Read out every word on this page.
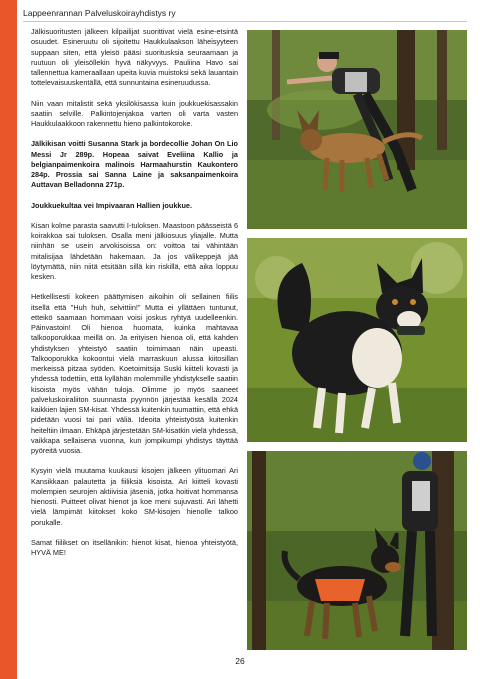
Lappeenrannan Palveluskoirayhdistys ry

Jälkisuoritusten jälkeen kilpailijat suorittivat vielä esine-etsintä osuudet. Esineruutu oli sijoitettu Haukkulaakson läheisyyteen suppaan siten, että yleisö pääsi suoritusksia seuraamaan ja ruutuun oli yleisöllekin hyvä näkyvyys. Pauliina Havo sai tallennettua kameraallaan upeita kuvia muistoksi sekä lauantain tottelevaisuuskentällä, että sunnuntaina esineruudussa.

Niin vaan mitalistit sekä yksilökisassa kuin joukkuekisassakin saatiin selville. Palkintojenjakoa varten oli varta vasten Haukkulaakkoon rakennettu hieno palkintokoroke.

Jälkikisan voitti Susanna Stark ja bordecollie Johan On Lio Messi Jr 289p. Hopeaa saivat Eveliina Kallio ja belgianpaimenkoira malinois Harmaahurstin Kaukontero 284p. Prossia sai Sanna Laine ja saksanpaimenkoira Auttavan Belladonna 271p.

Joukkuekultaa vei Impivaaran Hallien joukkue.

Kisan kolme parasta saavutti I-tuloksen. Maastoon päässeistä 6 koirakkoa sai tuloksen. Osalla meni jälkiosuus yliajalle. Mutta niinhän se usein arvokisoissa on: voittoa tai vähintään mitalisijaa lähdetään hakemaan. Ja jos välikeppejä jää löytymättä, niin niitä etsitään sillä kin riskillä, että aika loppuu kesken.

Hetkellisesti kokeen päättymisen aikoihin oli sellainen fiilis itsellä että "Huh huh, selvittiin!" Mutta ei yllättäen tuntunut, etteikö saamaan hommaan voisi joskus ryhtyä uudelleenkin. Päinvastoin! Oli hienoa huomata, kuinka mahtavaa talkooporukkaa meillä on. Ja erityisen hienoa oli, että kahden yhdistyksen yhteistyö saatiin toimimaan näin upeasti. Talkooporukka kokoontui vielä marraskuun alussa kiitosillan merkeissä pitzaa syöden. Koetoimitsija Suski kiitteli kovasti ja yhdessä todettiin, että kyllähän molemmille yhdistykselle saatiin kisoista myös vähän tuloja. Olimme jo myös saaneet palveluskoiraliiton suunnasta pyynnön järjestää kesällä 2024 kaikkien lajien SM-kisat. Yhdessä kuitenkin tuumattiin, että ehkä pidetään vuosi tai pari väliä. Ideoita yhteistyöstä kuitenkin heiteltiin ilmaan. Ehkäpä järjestetään SM-kisatkin vielä yhdessä, vaikkapa sellaisena vuonna, kun jompikumpi yhdistys täyttää pyöreitä vuosia.

Kysyin vielä muutama kuukausi kisojen jälkeen ylituomari Ari Kansikkaan palautetta ja fiiliksiä kisoista. Ari kiitteli kovasti molempien seurojen aktiivisia jäseniä, jotka hoitivat hommansa hienosti. Puitteet olivat hienot ja koe meni sujuvasti. Ari lähetti vielä lämpimät kiitokset koko SM-kisojen hienolle talkoo porukalle.

Samat fiilikset on itsellänikin: hienot kisat, hienoa yhteistyötä, HYVÄ ME!

26
